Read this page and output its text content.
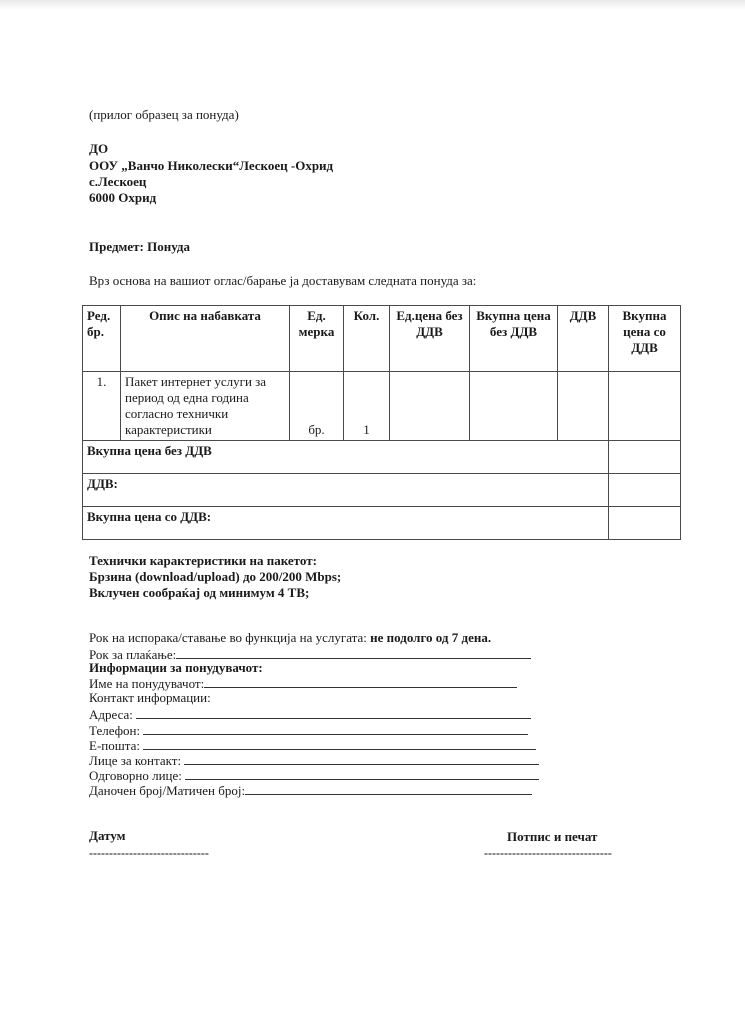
(прилог образец за понуда)
ДО
ООУ „Ванчо Николески“Лескоец -Охрид
с.Лескоец
6000 Охрид
Предмет: Понуда
Врз основа на вашиот оглас/барање ја доставувам следната понуда за:
Ред. бр.	Опис на набавката	Ед. мерка	Кол.	Ед.цена без ДДВ	Вкупна цена без ДДВ	ДДВ	Вкупна цена со ДДВ
1.	Пакет интернет услуги за период од една година согласно технички карактеристики	бр.	1				
Вкупна цена без ДДВ							
ДДВ:							
Вкупна цена со ДДВ:							
Технички карактеристики на пакетот:
Брзина (download/upload) до 200/200 Mbps;
Вклучен сообраќај од минимум 4 ТВ;
Рок на испорака/ставање во функција на услугата: не подолго од 7 дена.
Рок за плаќање:
Информации за понудувачот:
Име на понудувачот:
Контакт информации:
Адреса:
Телефон:
Е-пошта:
Лице за контакт:
Одговорно лице:
Даночен број/Матичен број:
Датум
------------------------------
Потпис и печат
--------------------------------
